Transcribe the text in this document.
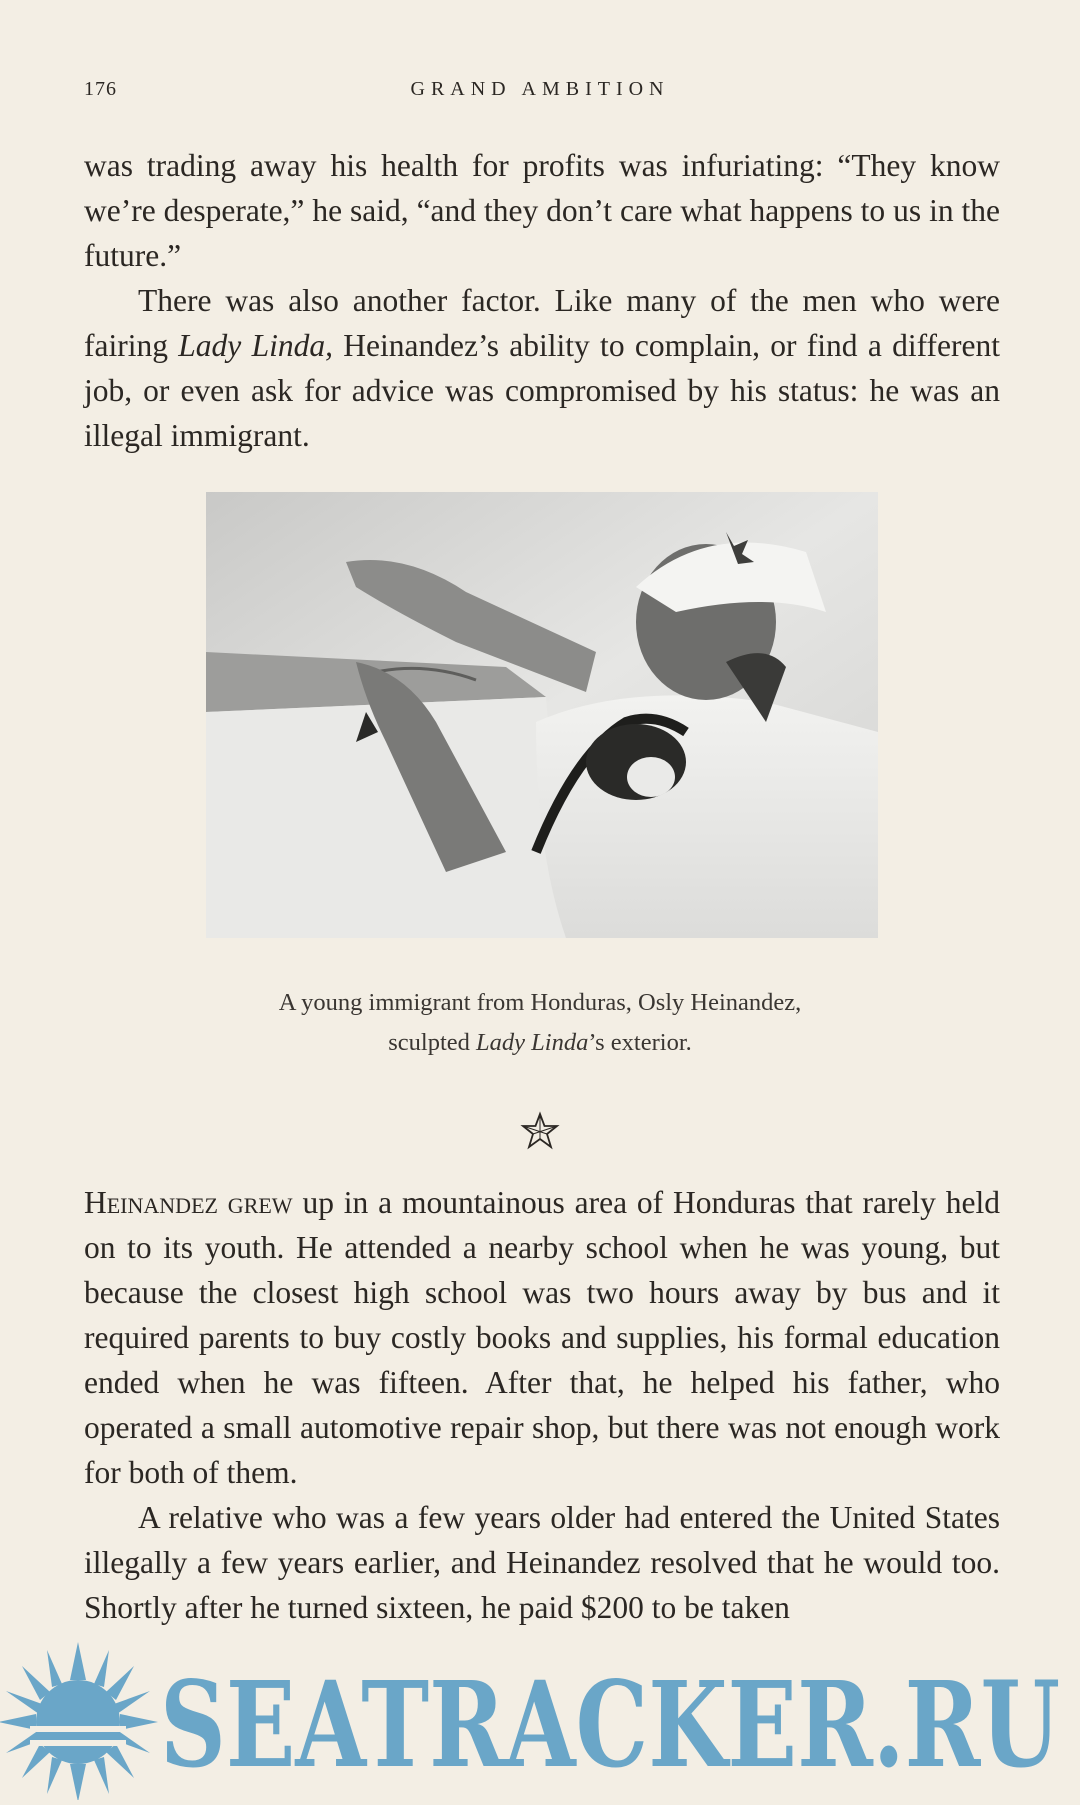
176	GRAND AMBITION

was trading away his health for profits was infuriating: “They know we’re desperate,” he said, “and they don’t care what happens to us in the future.”

There was also another factor. Like many of the men who were fairing Lady Linda, Heinandez’s ability to complain, or find a different job, or even ask for advice was compromised by his status: he was an illegal immigrant.

A young immigrant from Honduras, Osly Heinandez,
sculpted Lady Linda’s exterior.

Heinandez grew up in a mountainous area of Honduras that rarely held on to its youth. He attended a nearby school when he was young, but because the closest high school was two hours away by bus and it required parents to buy costly books and supplies, his formal education ended when he was fifteen. After that, he helped his father, who operated a small automotive repair shop, but there was not enough work for both of them.

A relative who was a few years older had entered the United States illegally a few years earlier, and Heinandez resolved that he would too. Shortly after he turned sixteen, he paid $200 to be taken

SEATRACKER.RU
